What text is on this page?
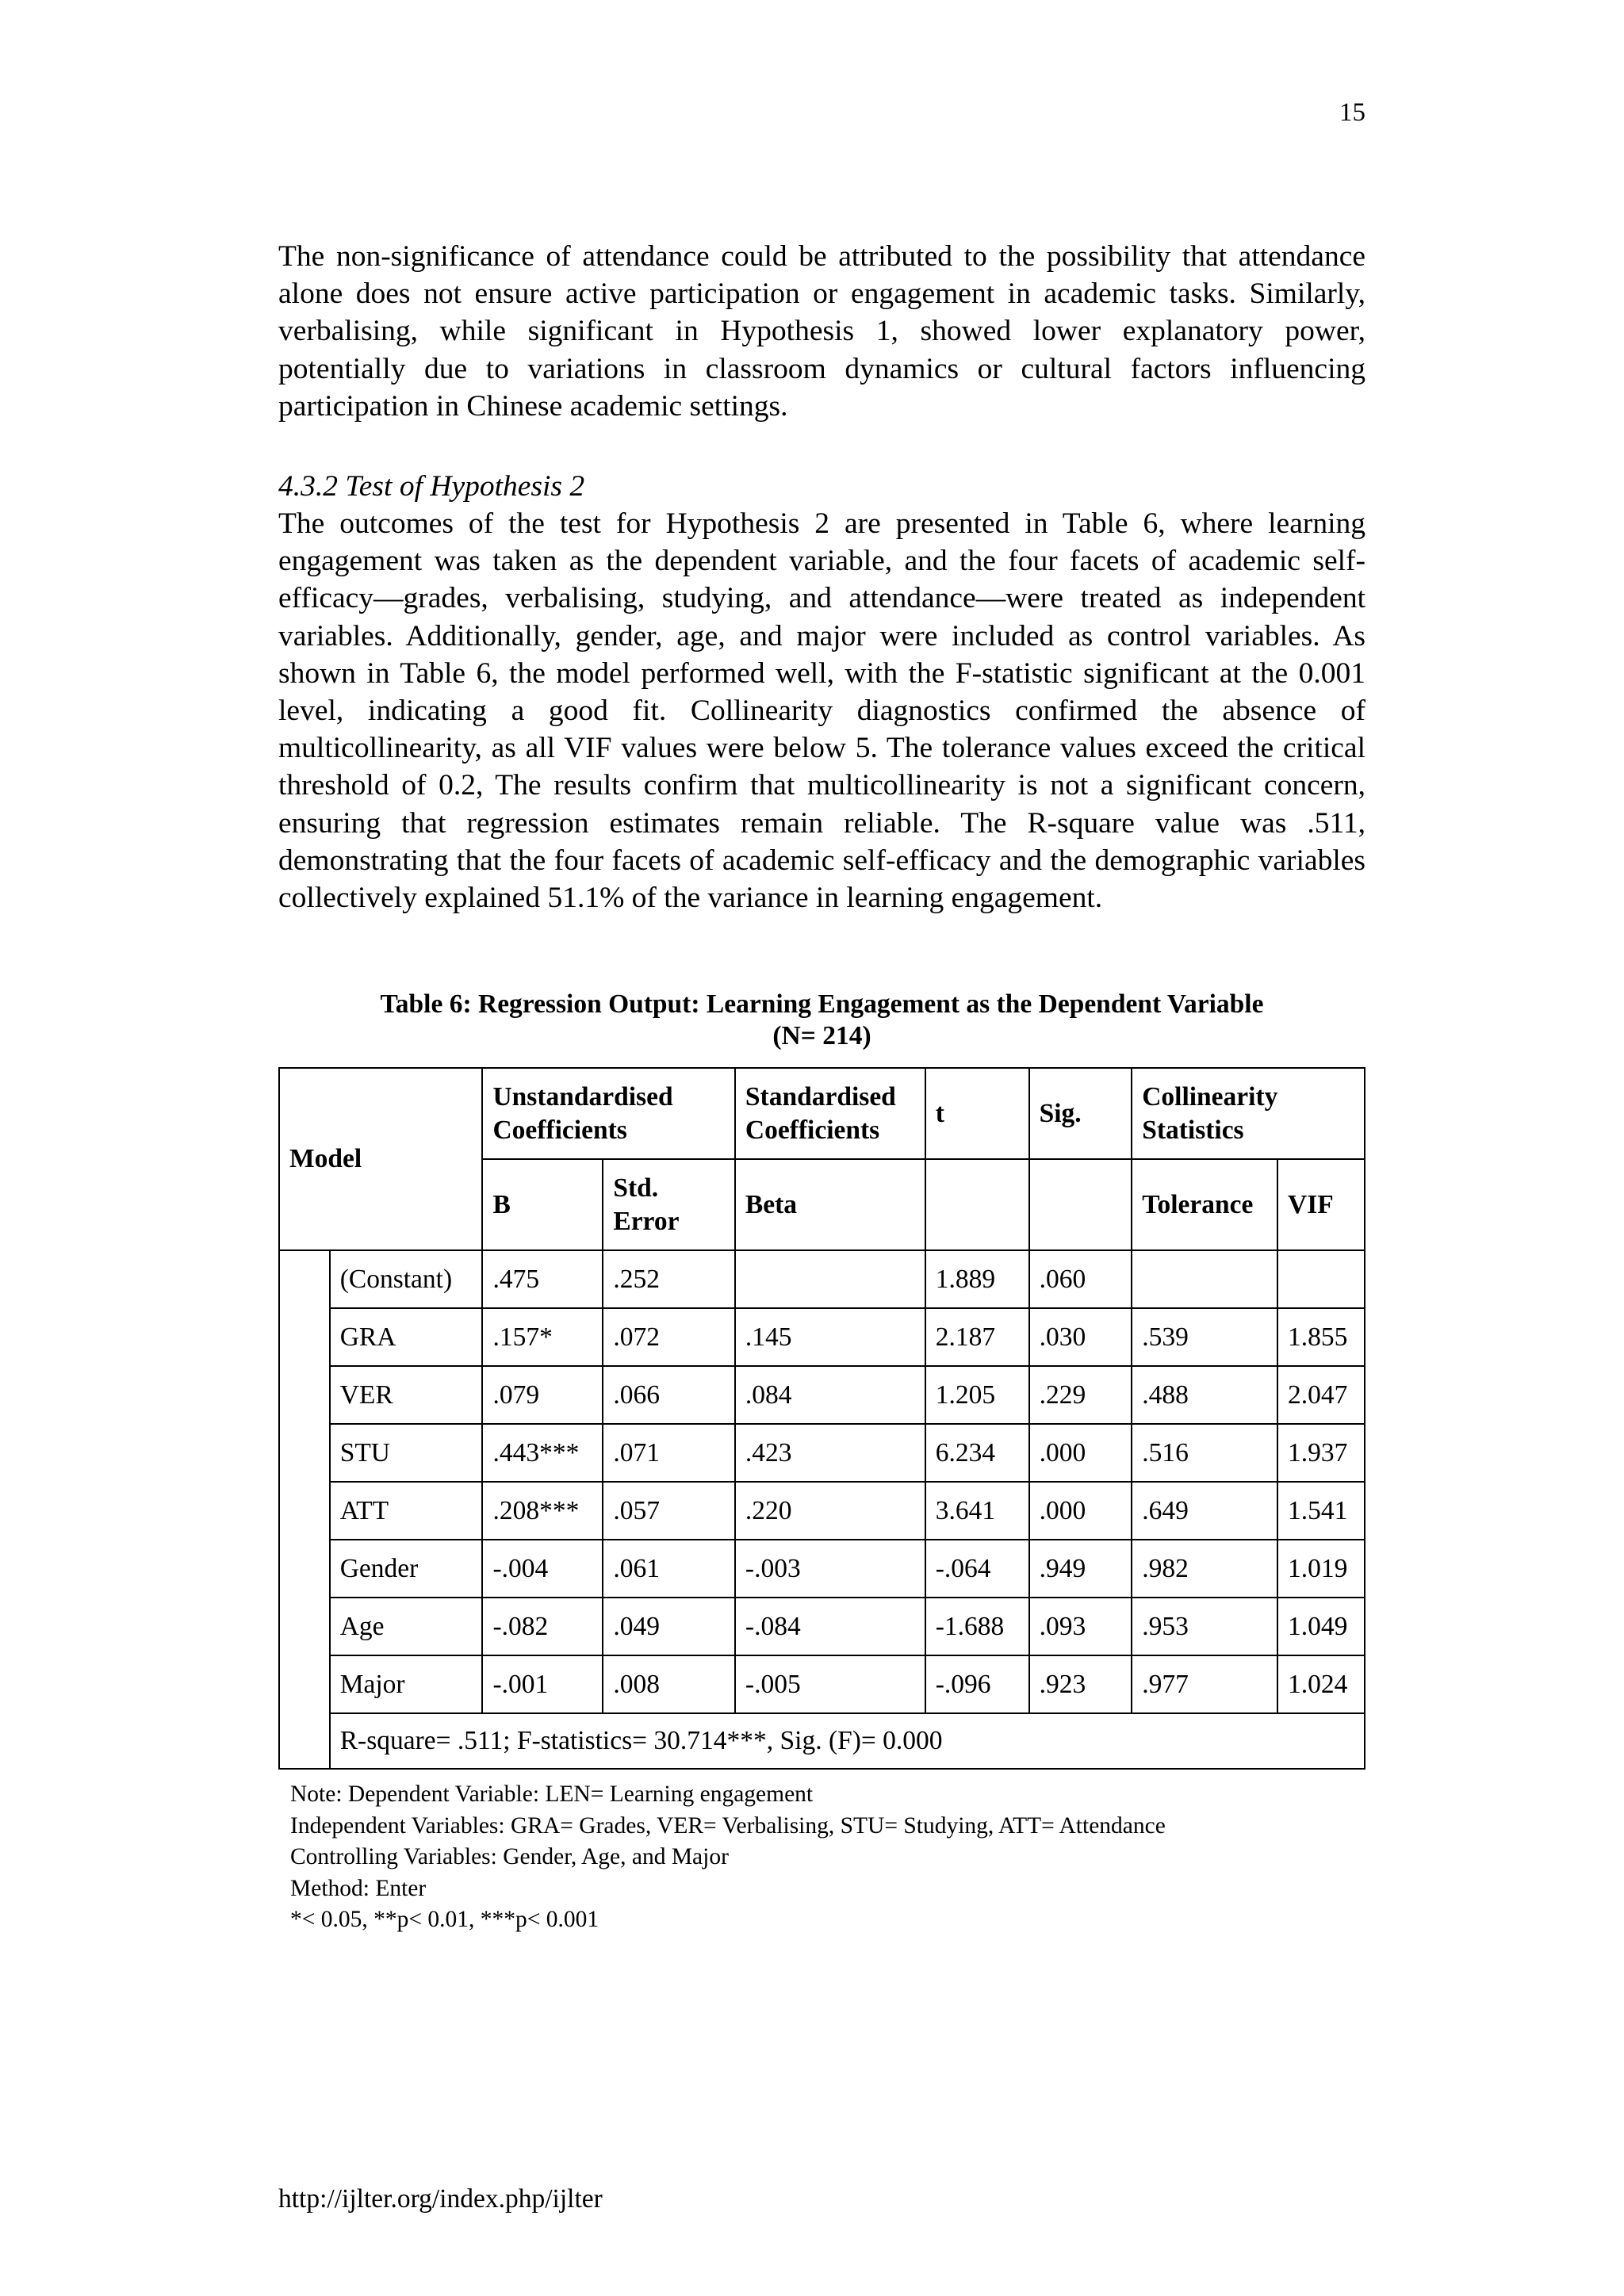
15

The non-significance of attendance could be attributed to the possibility that attendance alone does not ensure active participation or engagement in academic tasks. Similarly, verbalising, while significant in Hypothesis 1, showed lower explanatory power, potentially due to variations in classroom dynamics or cultural factors influencing participation in Chinese academic settings.

4.3.2 Test of Hypothesis 2

The outcomes of the test for Hypothesis 2 are presented in Table 6, where learning engagement was taken as the dependent variable, and the four facets of academic self-efficacy—grades, verbalising, studying, and attendance—were treated as independent variables. Additionally, gender, age, and major were included as control variables. As shown in Table 6, the model performed well, with the F-statistic significant at the 0.001 level, indicating a good fit. Collinearity diagnostics confirmed the absence of multicollinearity, as all VIF values were below 5. The tolerance values exceed the critical threshold of 0.2, The results confirm that multicollinearity is not a significant concern, ensuring that regression estimates remain reliable. The R-square value was .511, demonstrating that the four facets of academic self-efficacy and the demographic variables collectively explained 51.1% of the variance in learning engagement.

Table 6: Regression Output: Learning Engagement as the Dependent Variable
(N= 214)
Model		Unstandardised Coefficients		Standardised Coefficients	t	Sig.	Collinearity Statistics	
		B	Std. Error	Beta			Tolerance	VIF
	(Constant)	.475	.252		1.889	.060		
	GRA	.157*	.072	.145	2.187	.030	.539	1.855
	VER	.079	.066	.084	1.205	.229	.488	2.047
	STU	.443***	.071	.423	6.234	.000	.516	1.937
	ATT	.208***	.057	.220	3.641	.000	.649	1.541
	Gender	-.004	.061	-.003	-.064	.949	.982	1.019
	Age	-.082	.049	-.084	-1.688	.093	.953	1.049
	Major	-.001	.008	-.005	-.096	.923	.977	1.024
	R-square= .511; F-statistics= 30.714***, Sig. (F)= 0.000							
Note: Dependent Variable: LEN= Learning engagement
Independent Variables: GRA= Grades, VER= Verbalising, STU= Studying, ATT= Attendance
Controlling Variables: Gender, Age, and Major
Method: Enter
*< 0.05, **p< 0.01, ***p< 0.001
http://ijlter.org/index.php/ijlter
